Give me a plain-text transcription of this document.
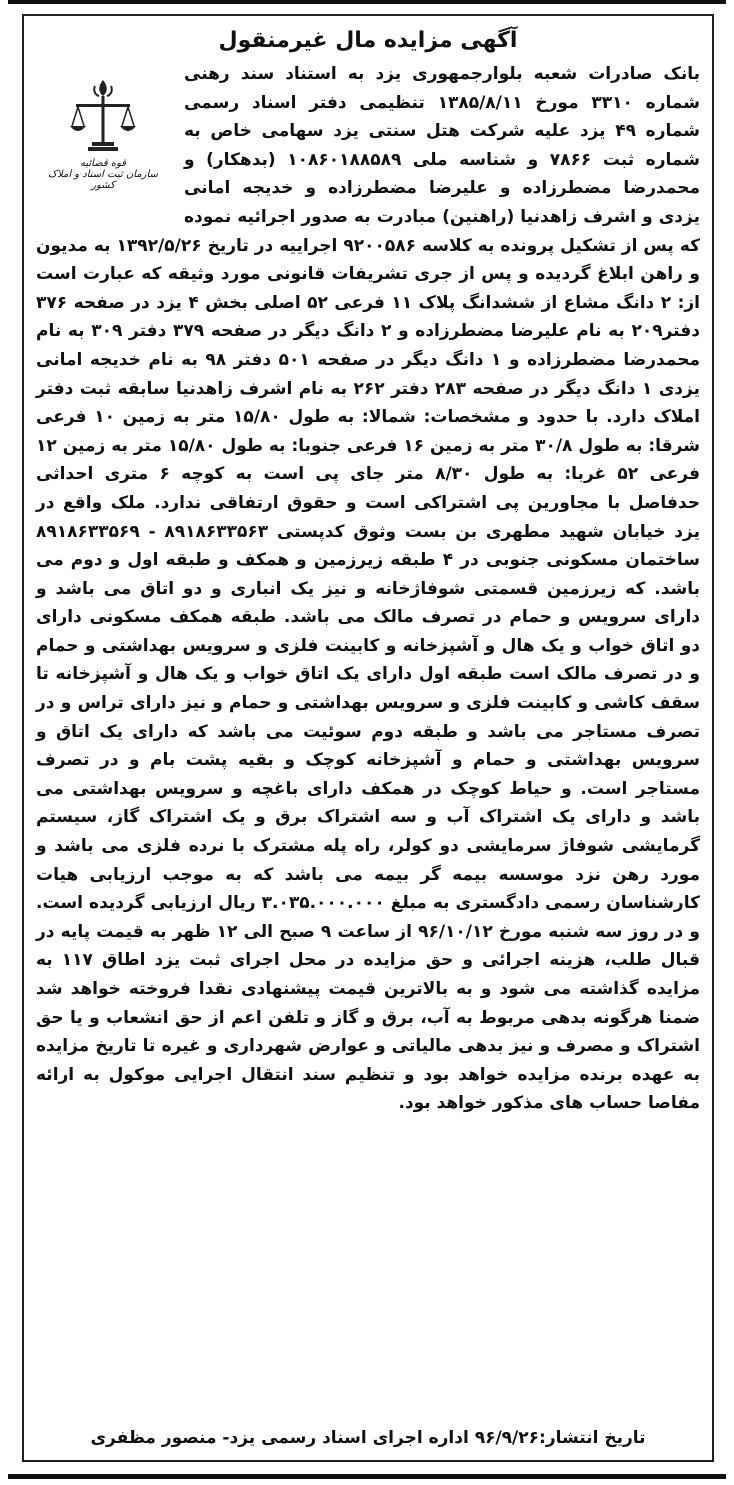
آگهی مزایده مال غیرمنقول
قوه قضائیه
سازمان ثبت اسناد و املاک کشور
بانک صادرات شعبه بلوارجمهوری یزد به استناد سند رهنی شماره ۳۳۱۰ مورخ ۱۳۸۵/۸/۱۱ تنظیمی دفتر اسناد رسمی شماره ۴۹ یزد علیه شرکت هتل سنتی یزد سهامی خاص به شماره ثبت ۷۸۶۶ و شناسه ملی ۱۰۸۶۰۱۸۸۵۸۹ (بدهکار) و محمدرضا مضطرزاده و علیرضا مضطرزاده و خدیجه امانی یزدی و اشرف زاهدنیا (راهنین) مبادرت به صدور اجرائیه نموده که پس از تشکیل پرونده به کلاسه ۹۲۰۰۵۸۶ اجراییه در تاریخ ۱۳۹۲/۵/۲۶ به مدیون و راهن ابلاغ گردیده و پس از جری تشریفات قانونی مورد وثیقه که عبارت است از: ۲ دانگ مشاع از ششدانگ پلاک ۱۱ فرعی ۵۲ اصلی بخش ۴ یزد در صفحه ۳۷۶ دفتر۲۰۹ به نام علیرضا مضطرزاده و ۲ دانگ دیگر در صفحه ۳۷۹ دفتر ۳۰۹ به نام محمدرضا مضطرزاده و ۱ دانگ دیگر در صفحه ۵۰۱ دفتر ۹۸ به نام خدیجه امانی یزدی ۱ دانگ دیگر در صفحه ۲۸۳ دفتر ۲۶۲ به نام اشرف زاهدنیا سابقه ثبت دفتر املاک دارد. با حدود و مشخصات: شمالا: به طول ۱۵/۸۰ متر به زمین ۱۰ فرعی شرقا: به طول ۳۰/۸ متر به زمین ۱۶ فرعی جنوبا: به طول ۱۵/۸۰ متر به زمین ۱۲ فرعی ۵۲ غربا: به طول ۸/۳۰ متر جای پی است به کوچه ۶ متری احداثی حدفاصل با مجاورین پی اشتراکی است و حقوق ارتفاقی ندارد. ملک واقع در یزد خیابان شهید مطهری بن بست وثوق کدپستی ۸۹۱۸۶۳۳۵۶۳ - ۸۹۱۸۶۳۳۵۶۹ ساختمان مسکونی جنوبی در ۴ طبقه زیرزمین و همکف و طبقه اول و دوم می باشد. که زیرزمین قسمتی شوفاژخانه و نیز یک انباری و دو اتاق می باشد و دارای سرویس و حمام در تصرف مالک می باشد. طبقه همکف مسکونی دارای دو اتاق خواب و یک هال و آشپزخانه و کابینت فلزی و سرویس بهداشتی و حمام و در تصرف مالک است طبقه اول دارای یک اتاق خواب و یک هال و آشپزخانه تا سقف کاشی و کابینت فلزی و سرویس بهداشتی و حمام و نیز دارای تراس و در تصرف مستاجر می باشد و طبقه دوم سوئیت می باشد که دارای یک اتاق و سرویس بهداشتی و حمام و آشپزخانه کوچک و بقیه پشت بام و در تصرف مستاجر است. و حیاط کوچک در همکف دارای باغچه و سرویس بهداشتی می باشد و دارای یک اشتراک آب و سه اشتراک برق و یک اشتراک گاز، سیستم گرمایشی شوفاژ سرمایشی دو کولر، راه پله مشترک با نرده فلزی می باشد و مورد رهن نزد موسسه بیمه گر بیمه می باشد که به موجب ارزیابی هیات کارشناسان رسمی دادگستری به مبلغ ۳.۰۳۵.۰۰۰.۰۰۰ ریال ارزیابی گردیده است. و در روز سه شنبه مورخ ۹۶/۱۰/۱۲ از ساعت ۹ صبح الی ۱۲ ظهر به قیمت پایه در قبال طلب، هزینه اجرائی و حق مزایده در محل اجرای ثبت یزد اطاق ۱۱۷ به مزایده گذاشته می شود و به بالاترین قیمت پیشنهادی نقدا فروخته خواهد شد ضمنا هرگونه بدهی مربوط به آب، برق و گاز و تلفن اعم از حق انشعاب و یا حق اشتراک و مصرف و نیز بدهی مالیاتی و عوارض شهرداری و غیره تا تاریخ مزایده به عهده برنده مزایده خواهد بود و تنظیم سند انتقال اجرایی موکول به ارائه مفاصا حساب های مذکور خواهد بود.
تاریخ انتشار:۹۶/۹/۲۶ اداره اجرای اسناد رسمی یزد- منصور مظفری
